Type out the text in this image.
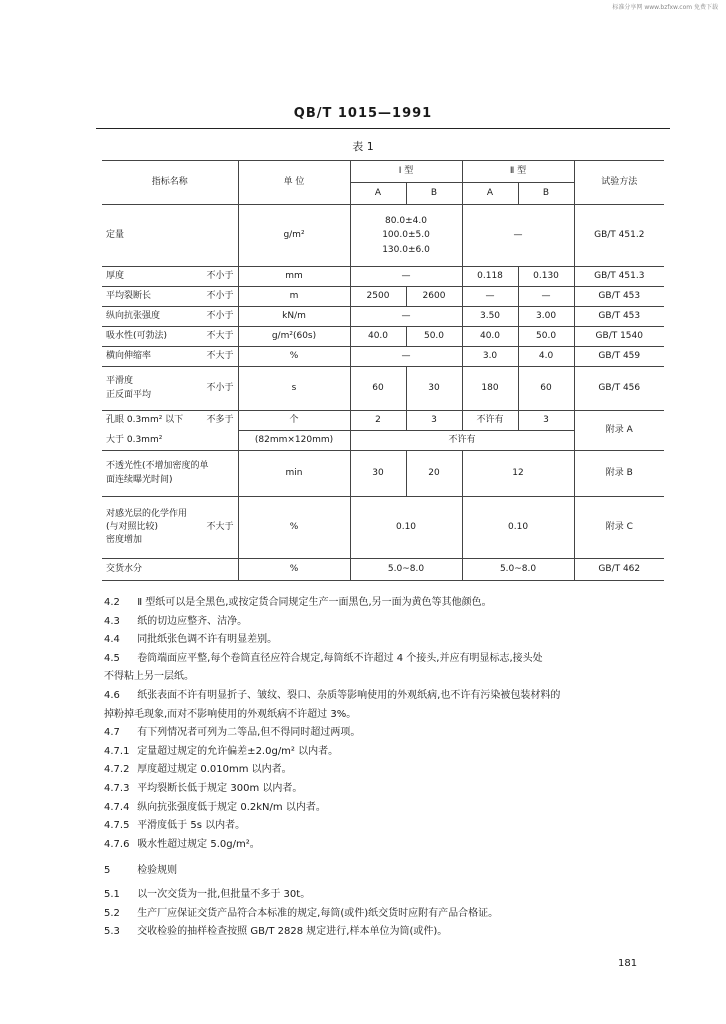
标准分享网 www.bzfxw.com 免费下载
QB/T 1015—1991
表 1
指标名称	单 位	Ⅰ 型		Ⅱ 型		试验方法
		A	B	A	B	
定量	g/m²	80.0±4.0
100.0±5.0
130.0±6.0		—		GB/T 451.2

厚度 不小于	mm	—		0.118	0.130	GB/T 451.3

平均裂断长 不小于	m	2500	2600	—	—	GB/T 453

纵向抗张强度 不小于	kN/m	—		3.50	3.00	GB/T 453

吸水性(可勃法) 不大于	g/m²(60s)	40.0	50.0	40.0	50.0	GB/T 1540

横向伸缩率 不大于	%	—		3.0	4.0	GB/T 459

平滑度
正反面平均
不小于	s	60	30	180	60	GB/T 456

孔眼 0.3mm² 以下 不多于	个	2	3	不许有	3	附录 A
大于 0.3mm²	(82mm×120mm)	不许有				
不透光性(不增加密度的单
面连续曝光时间)	min	30	20	12		附录 B

对感光层的化学作用
(与对照比较) 不大于
密度增加	%	0.10		0.10		附录 C
交货水分	%	5.0~8.0		5.0~8.0		GB/T 462

4.2 Ⅱ 型纸可以是全黑色,或按定货合同规定生产一面黑色,另一面为黄色等其他颜色。

4.3 纸的切边应整齐、洁净。

4.4 同批纸张色调不许有明显差别。

4.5 卷筒端面应平整,每个卷筒直径应符合规定,每筒纸不许超过 4 个接头,并应有明显标志,接头处

不得粘上另一层纸。

4.6 纸张表面不许有明显折子、皱纹、裂口、杂质等影响使用的外观纸病,也不许有污染被包装材料的

掉粉掉毛现象,而对不影响使用的外观纸病不许超过 3%。

4.7 有下列情况者可列为二等品,但不得同时超过两项。

4.7.1 定量超过规定的允许偏差±2.0g/m² 以内者。

4.7.2 厚度超过规定 0.010mm 以内者。

4.7.3 平均裂断长低于规定 300m 以内者。

4.7.4 纵向抗张强度低于规定 0.2kN/m 以内者。

4.7.5 平滑度低于 5s 以内者。

4.7.6 吸水性超过规定 5.0g/m²。

5	检验规则

5.1 以一次交货为一批,但批量不多于 30t。

5.2 生产厂应保证交货产品符合本标准的规定,每筒(或件)纸交货时应附有产品合格证。

5.3 交收检验的抽样检查按照 GB/T 2828 规定进行,样本单位为筒(或件)。

181
